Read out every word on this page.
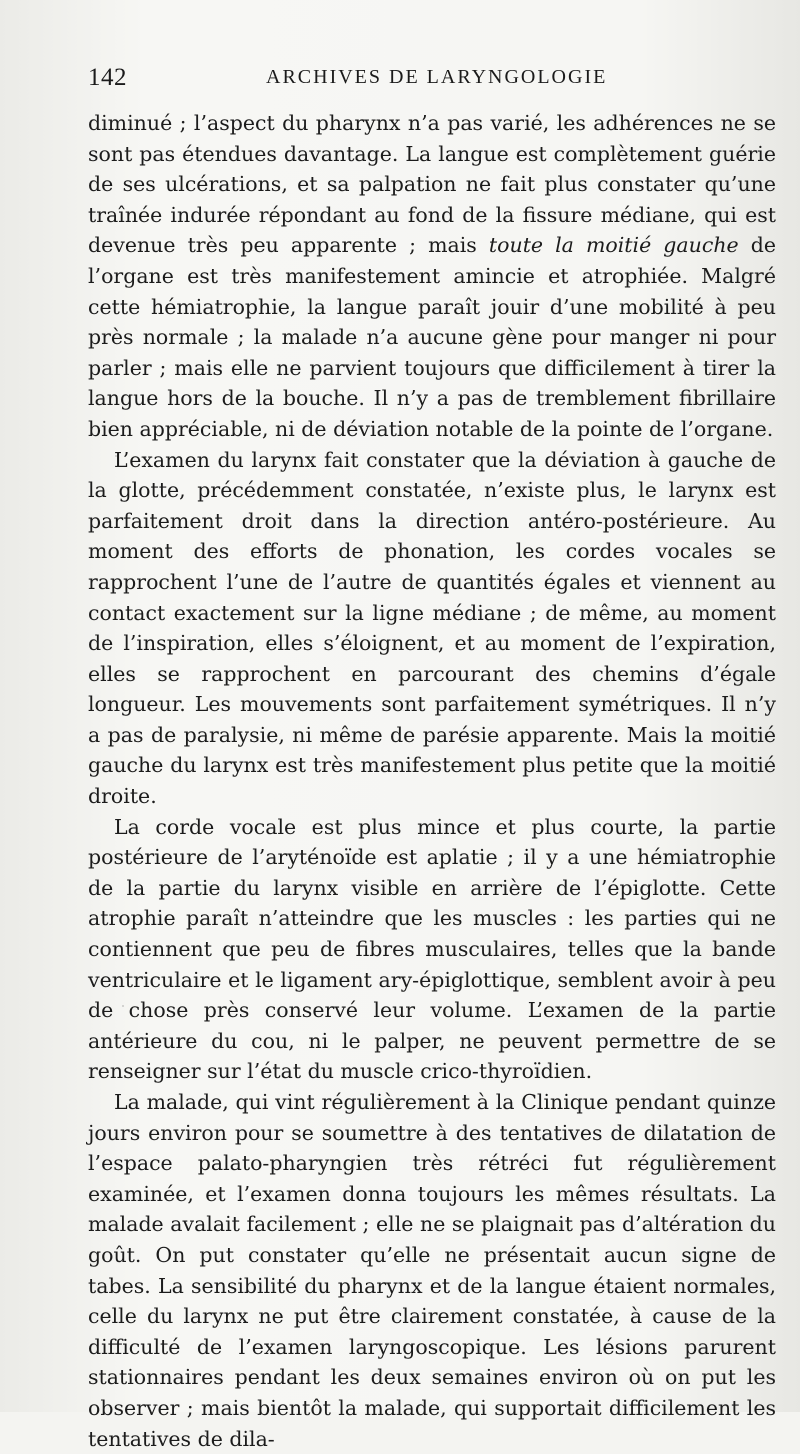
142	ARCHIVES DE LARYNGOLOGIE

diminué ; l’aspect du pharynx n’a pas varié, les adhérences ne se sont pas étendues davantage. La langue est complètement guérie de ses ulcérations, et sa palpation ne fait plus constater qu’une traînée indurée répondant au fond de la fissure médiane, qui est devenue très peu apparente ; mais toute la moitié gauche de l’organe est très manifestement amincie et atrophiée. Malgré cette hémiatrophie, la langue paraît jouir d’une mobilité à peu près normale ; la malade n’a aucune gène pour manger ni pour parler ; mais elle ne parvient toujours que difficilement à tirer la langue hors de la bouche. Il n’y a pas de tremblement fibrillaire bien appréciable, ni de déviation notable de la pointe de l’organe.

L’examen du larynx fait constater que la déviation à gauche de la glotte, précédemment constatée, n’existe plus, le larynx est parfaitement droit dans la direction antéro-postérieure. Au moment des efforts de phonation, les cordes vocales se rapprochent l’une de l’autre de quantités égales et viennent au contact exactement sur la ligne médiane ; de même, au moment de l’inspiration, elles s’éloignent, et au moment de l’expiration, elles se rapprochent en parcourant des chemins d’égale longueur. Les mouvements sont parfaitement symétriques. Il n’y a pas de paralysie, ni même de parésie apparente. Mais la moitié gauche du larynx est très manifestement plus petite que la moitié droite.

La corde vocale est plus mince et plus courte, la partie postérieure de l’aryténoïde est aplatie ; il y a une hémiatrophie de la partie du larynx visible en arrière de l’épiglotte. Cette atrophie paraît n’atteindre que les muscles : les parties qui ne contiennent que peu de fibres musculaires, telles que la bande ventriculaire et le ligament ary-épiglottique, semblent avoir à peu de chose près conservé leur volume. L’examen de la partie antérieure du cou, ni le palper, ne peuvent permettre de se renseigner sur l’état du muscle crico-thyroïdien.

La malade, qui vint régulièrement à la Clinique pendant quinze jours environ pour se soumettre à des tentatives de dilatation de l’espace palato-pharyngien très rétréci fut régulièrement examinée, et l’examen donna toujours les mêmes résultats. La malade avalait facilement ; elle ne se plaignait pas d’altération du goût. On put constater qu’elle ne présentait aucun signe de tabes. La sensibilité du pharynx et de la langue étaient normales, celle du larynx ne put être clairement constatée, à cause de la difficulté de l’examen laryngoscopique. Les lésions parurent stationnaires pendant les deux semaines environ où on put les observer ; mais bientôt la malade, qui supportait difficilement les tentatives de dila-
